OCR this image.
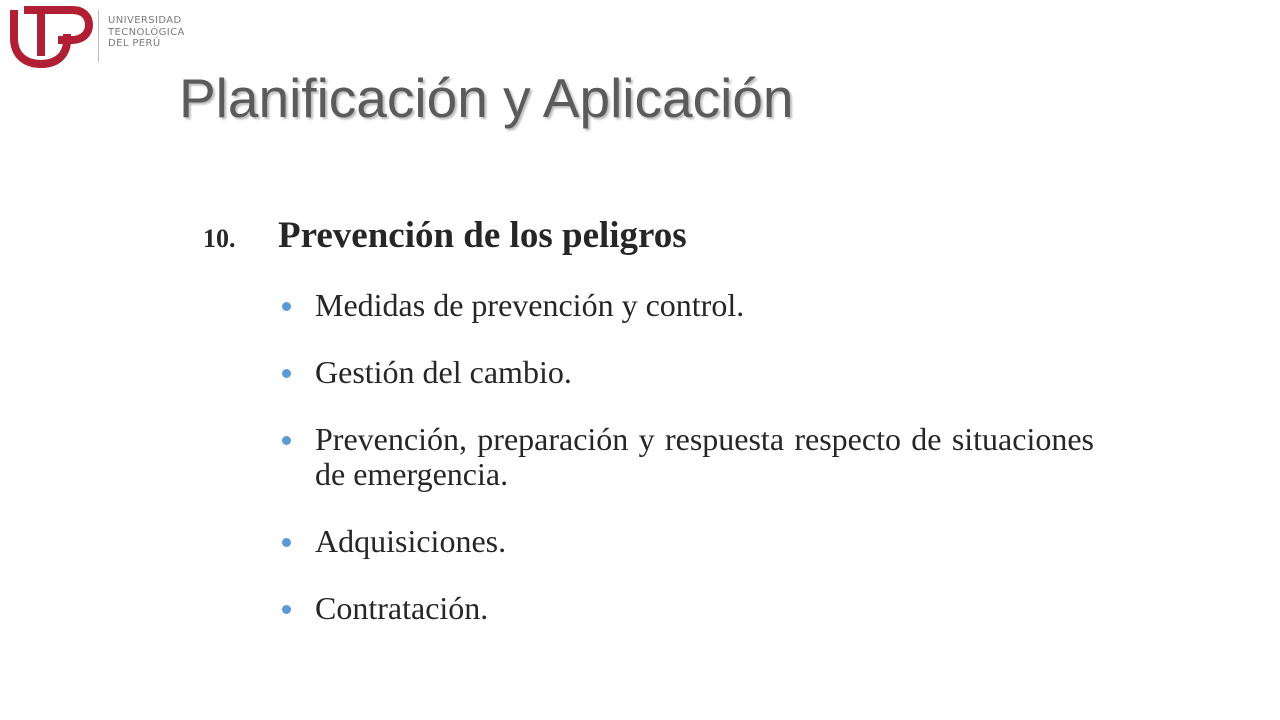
UNIVERSIDAD
TECNOLÓGICA
DEL PERÚ
Planificación y Aplicación
10. Prevención de los peligros
Medidas de prevención y control.
Gestión del cambio.
Prevención, preparación y respuesta respecto de situaciones de emergencia.
Adquisiciones.
Contratación.
